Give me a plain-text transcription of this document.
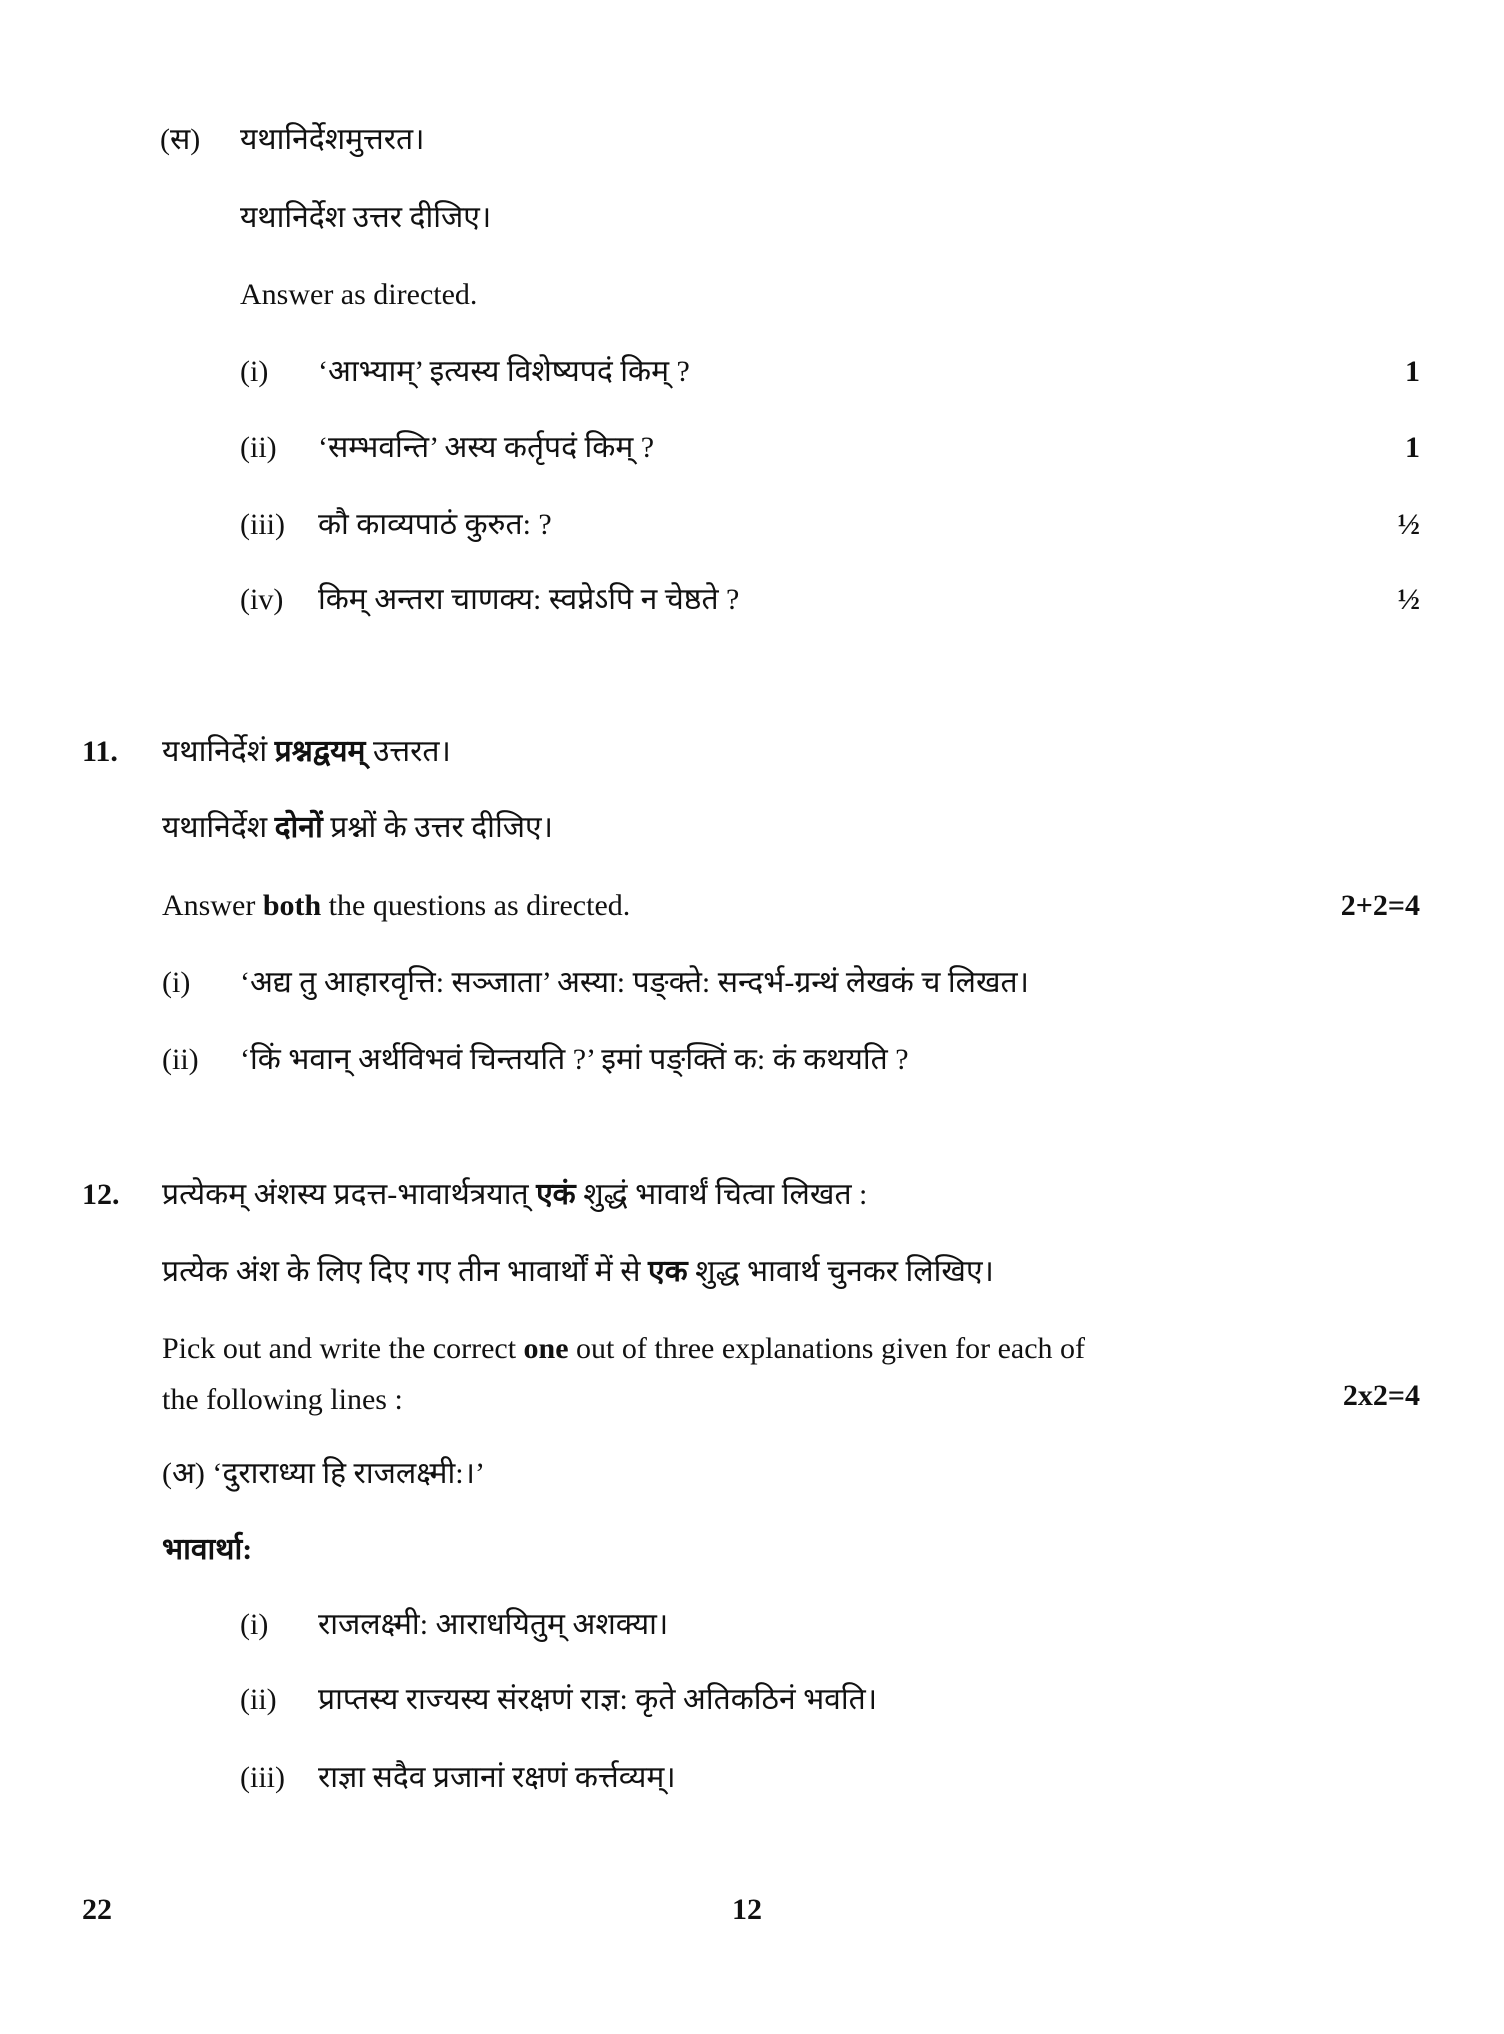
(स) यथानिर्देशमुत्तरत।
यथानिर्देश उत्तर दीजिए।
Answer as directed.
(i) ‘आभ्याम्’ इत्यस्य विशेष्यपदं किम् ?	1
(ii) ‘सम्भवन्ति’ अस्य कर्तृपदं किम् ?	1
(iii) कौ काव्यपाठं कुरुत: ?	½
(iv) किम् अन्तरा चाणक्य: स्वप्नेऽपि न चेष्ठते ?	½
11. यथानिर्देशं प्रश्नद्वयम् उत्तरत।
यथानिर्देश दोनों प्रश्नों के उत्तर दीजिए।
Answer both the questions as directed.	2+2=4
(i) ‘अद्य तु आहारवृत्ति: सञ्जाता’ अस्या: पङ्क्ते: सन्दर्भ-ग्रन्थं लेखकं च लिखत।
(ii) ‘किं भवान् अर्थविभवं चिन्तयति ?’ इमां पङ्क्तिं क: कं कथयति ?
12. प्रत्येकम् अंशस्य प्रदत्त-भावार्थत्रयात् एकं शुद्धं भावार्थं चित्वा लिखत :
प्रत्येक अंश के लिए दिए गए तीन भावार्थों में से एक शुद्ध भावार्थ चुनकर लिखिए।
Pick out and write the correct one out of three explanations given for each of
the following lines :	2x2=4
(अ) ‘दुराराध्या हि राजलक्ष्मी:।’
भावार्था:
(i) राजलक्ष्मी: आराधयितुम् अशक्या।
(ii) प्राप्तस्य राज्यस्य संरक्षणं राज्ञ: कृते अतिकठिनं भवति।
(iii) राज्ञा सदैव प्रजानां रक्षणं कर्त्तव्यम्।
22	12
